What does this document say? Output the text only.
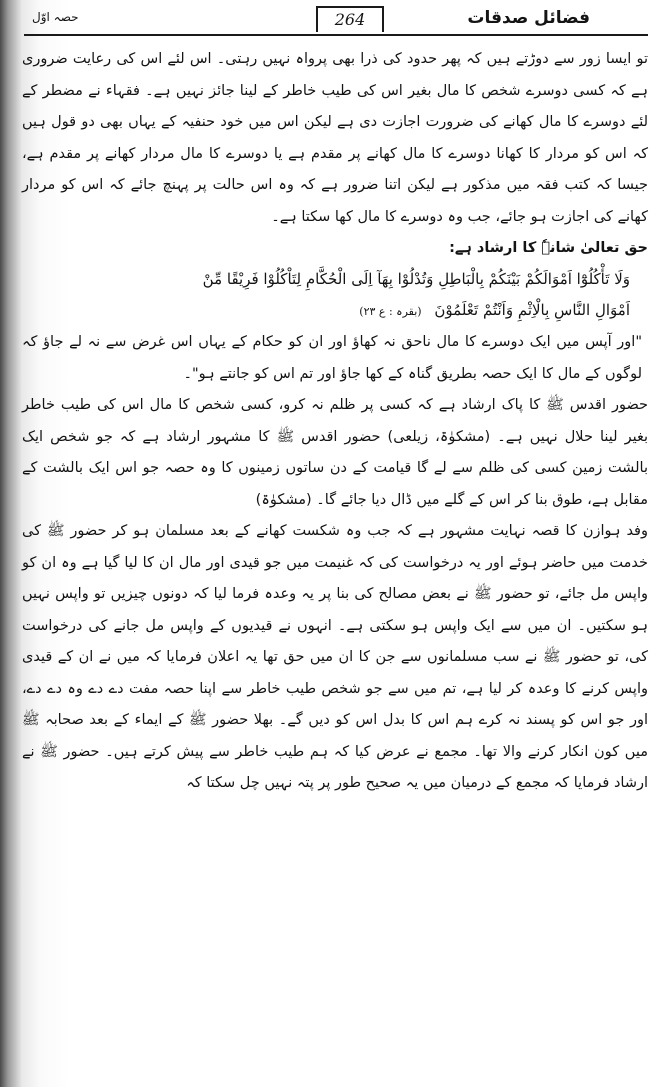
فضائل صدقات
264
حصہ اوّل

تو ایسا زور سے دوڑتے ہیں کہ پھر حدود کی ذرا بھی پرواہ نہیں رہتی۔ اس لئے اس کی رعایت ضروری ہے کہ کسی دوسرے شخص کا مال بغیر اس کی طیب خاطر کے لینا جائز نہیں ہے۔ فقہاء نے مضطر کے لئے دوسرے کا مال کھانے کی ضرورت اجازت دی ہے لیکن اس میں خود حنفیہ کے یہاں بھی دو قول ہیں کہ اس کو مردار کا کھانا دوسرے کا مال کھانے پر مقدم ہے یا دوسرے کا مال مردار کھانے پر مقدم ہے، جیسا کہ کتب فقہ میں مذکور ہے لیکن اتنا ضرور ہے کہ وہ اس حالت پر پہنچ جائے کہ اس کو مردار کھانے کی اجازت ہو جائے، جب وہ دوسرے کا مال کھا سکتا ہے۔

حق تعالیٰ شانہٗ کا ارشاد ہے:

وَلَا تَأْكُلُوْٓا اَمْوَالَكُمْ بَيْنَكُمْ بِالْبَاطِلِ وَتُدْلُوْا بِهَآ اِلَى الْحُكَّامِ لِتَاْكُلُوْا فَرِيْقًا مِّنْ
اَمْوَالِ النَّاسِ بِالْاِثْمِ وَاَنْتُمْ تَعْلَمُوْنَ (بقرہ : ع ۲۳)

"اور آپس میں ایک دوسرے کا مال ناحق نہ کھاؤ اور ان کو حکام کے یہاں اس غرض سے نہ لے جاؤ کہ لوگوں کے مال کا ایک حصہ بطریق گناہ کے کھا جاؤ اور تم اس کو جانتے ہو"۔

حضور اقدس ﷺ کا پاک ارشاد ہے کہ کسی پر ظلم نہ کرو، کسی شخص کا مال اس کی طیب خاطر بغیر لینا حلال نہیں ہے۔ (مشکوٰۃ، زیلعی) حضور اقدس ﷺ کا مشہور ارشاد ہے کہ جو شخص ایک بالشت زمین کسی کی ظلم سے لے گا قیامت کے دن ساتوں زمینوں کا وہ حصہ جو اس ایک بالشت کے مقابل ہے، طوق بنا کر اس کے گلے میں ڈال دیا جائے گا۔ (مشکوٰۃ)

وفد ہوازن کا قصہ نہایت مشہور ہے کہ جب وہ شکست کھانے کے بعد مسلمان ہو کر حضور ﷺ کی خدمت میں حاضر ہوئے اور یہ درخواست کی کہ غنیمت میں جو قیدی اور مال ان کا لیا گیا ہے وہ ان کو واپس مل جائے، تو حضور ﷺ نے بعض مصالح کی بنا پر یہ وعدہ فرما لیا کہ دونوں چیزیں تو واپس نہیں ہو سکتیں۔ ان میں سے ایک واپس ہو سکتی ہے۔ انہوں نے قیدیوں کے واپس مل جانے کی درخواست کی، تو حضور ﷺ نے سب مسلمانوں سے جن کا ان میں حق تھا یہ اعلان فرمایا کہ میں نے ان کے قیدی واپس کرنے کا وعدہ کر لیا ہے، تم میں سے جو شخص طیب خاطر سے اپنا حصہ مفت دے دے وہ دے دے، اور جو اس کو پسند نہ کرے ہم اس کا بدل اس کو دیں گے۔ بھلا حضور ﷺ کے ایماء کے بعد صحابہ ﷺ میں کون انکار کرنے والا تھا۔ مجمع نے عرض کیا کہ ہم طیب خاطر سے پیش کرتے ہیں۔ حضور ﷺ نے ارشاد فرمایا کہ مجمع کے درمیان میں یہ صحیح طور پر پتہ نہیں چل سکتا کہ
